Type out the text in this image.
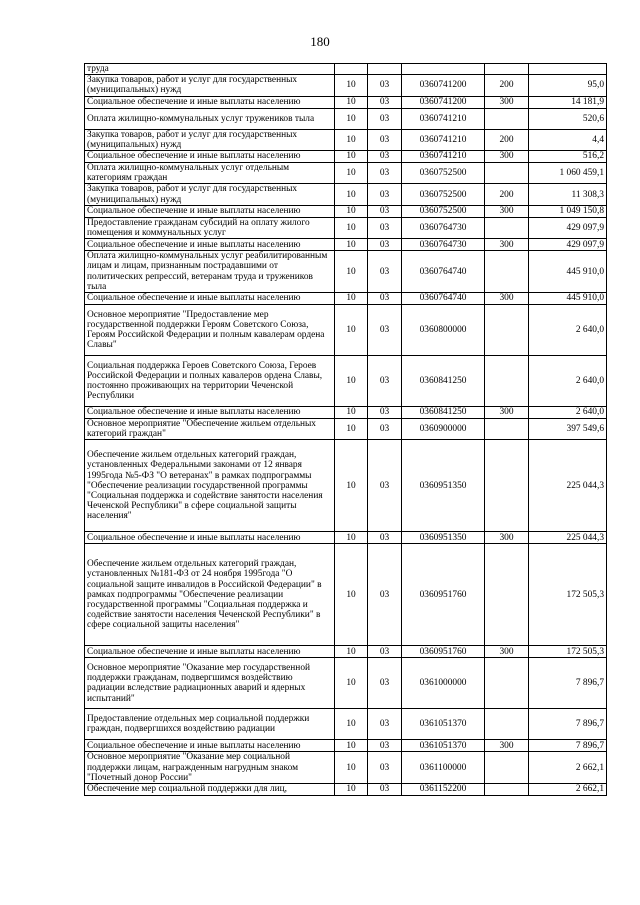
180
труда					
Закупка товаров, работ и услуг для государственных (муниципальных) нужд	10	03	0360741200	200	95,0
Социальное обеспечение и иные выплаты населению	10	03	0360741200	300	14 181,9
Оплата жилищно-коммунальных услуг тружеников тыла	10	03	0360741210		520,6
Закупка товаров, работ и услуг для государственных (муниципальных) нужд	10	03	0360741210	200	4,4
Социальное обеспечение и иные выплаты населению	10	03	0360741210	300	516,2
Оплата жилищно-коммунальных услуг отдельным категориям граждан	10	03	0360752500		1 060 459,1
Закупка товаров, работ и услуг для государственных (муниципальных) нужд	10	03	0360752500	200	11 308,3
Социальное обеспечение и иные выплаты населению	10	03	0360752500	300	1 049 150,8
Предоставление гражданам субсидий на оплату жилого помещения и коммунальных услуг	10	03	0360764730		429 097,9
Социальное обеспечение и иные выплаты населению	10	03	0360764730	300	429 097,9
Оплата жилищно-коммунальных услуг реабилитированным лицам и лицам, признанным пострадавшими от политических репрессий, ветеранам труда и тружеников тыла	10	03	0360764740		445 910,0
Социальное обеспечение и иные выплаты населению	10	03	0360764740	300	445 910,0
Основное мероприятие "Предоставление мер государственной поддержки Героям Советского Союза, Героям Российской Федерации и полным кавалерам ордена Славы"	10	03	0360800000		2 640,0
Социальная поддержка Героев Советского Союза, Героев Российской Федерации и полных кавалеров ордена Славы, постоянно проживающих на территории Чеченской Республики	10	03	0360841250		2 640,0
Социальное обеспечение и иные выплаты населению	10	03	0360841250	300	2 640,0
Основное мероприятие "Обеспечение жильем отдельных категорий граждан"	10	03	0360900000		397 549,6
Обеспечение жильем отдельных категорий граждан, установленных Федеральными законами от 12 января 1995года №5-ФЗ "О ветеранах" в рамках подпрограммы "Обеспечение реализации государственной программы "Социальная поддержка и содействие занятости населения Чеченской Республики" в сфере социальной защиты населения"	10	03	0360951350		225 044,3
Социальное обеспечение и иные выплаты населению	10	03	0360951350	300	225 044,3
Обеспечение жильем отдельных категорий граждан, установленных №181-ФЗ от 24 ноября 1995года "О социальной защите инвалидов в Российской Федерации" в рамках подпрограммы "Обеспечение реализации государственной программы "Социальная поддержка и содействие занятости населения Чеченской Республики" в сфере социальной защиты населения"	10	03	0360951760		172 505,3
Социальное обеспечение и иные выплаты населению	10	03	0360951760	300	172 505,3
Основное мероприятие "Оказание мер государственной поддержки гражданам, подвергшимся воздействию радиации вследствие радиационных аварий и ядерных испытаний"	10	03	0361000000		7 896,7
Предоставление отдельных мер социальной поддержки граждан, подвергшихся воздействию радиации	10	03	0361051370		7 896,7
Социальное обеспечение и иные выплаты населению	10	03	0361051370	300	7 896,7
Основное мероприятие "Оказание мер социальной поддержки лицам, награжденным нагрудным знаком "Почетный донор России"	10	03	0361100000		2 662,1
Обеспечение мер социальной поддержки для лиц,	10	03	0361152200		2 662,1
